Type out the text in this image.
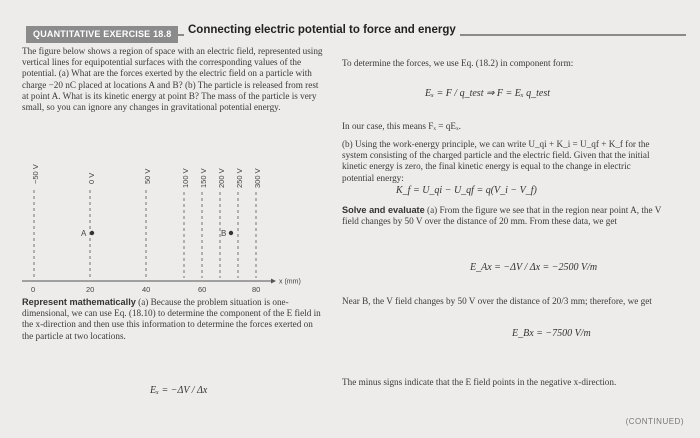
QUANTITATIVE EXERCISE 18.8	Connecting electric potential to force and energy
The figure below shows a region of space with an electric field, represented using vertical lines for equipotential surfaces with the corresponding values of the potential. (a) What are the forces exerted by the electric field on a particle with charge −20 nC placed at locations A and B? (b) The particle is released from rest at point A. What is its kinetic energy at point B? The mass of the particle is very small, so you can ignore any changes in gravitational potential energy.
−50 V	0 V	50 V	100 V 150 V 200 V 250 V 300 V
A	B
x (mm)
0	20	40	60	80
Represent mathematically (a) Because the problem situation is one-dimensional, we can use Eq. (18.10) to determine the component of the E field in the x-direction and then use this information to determine the forces exerted on the particle at two locations.
Eₓ = −ΔV / Δx
To determine the forces, we use Eq. (18.2) in component form:
Eₓ = F / q_test ⇒ F = Eₓ q_test
In our case, this means Fₓ = qEₓ.
(b) Using the work-energy principle, we can write U_qi + K_i = U_qf + K_f for the system consisting of the charged particle and the electric field. Given that the initial kinetic energy is zero, the final kinetic energy is equal to the change in electric potential energy:
K_f = U_qi − U_qf = q(V_i − V_f)
Solve and evaluate (a) From the figure we see that in the region near point A, the V field changes by 50 V over the distance of 20 mm. From these data, we get
E_Ax = −ΔV / Δx = −2500 V/m
Near B, the V field changes by 50 V over the distance of 20/3 mm; therefore, we get
E_Bx = −7500 V/m
The minus signs indicate that the E field points in the negative x-direction.
(CONTINUED)
